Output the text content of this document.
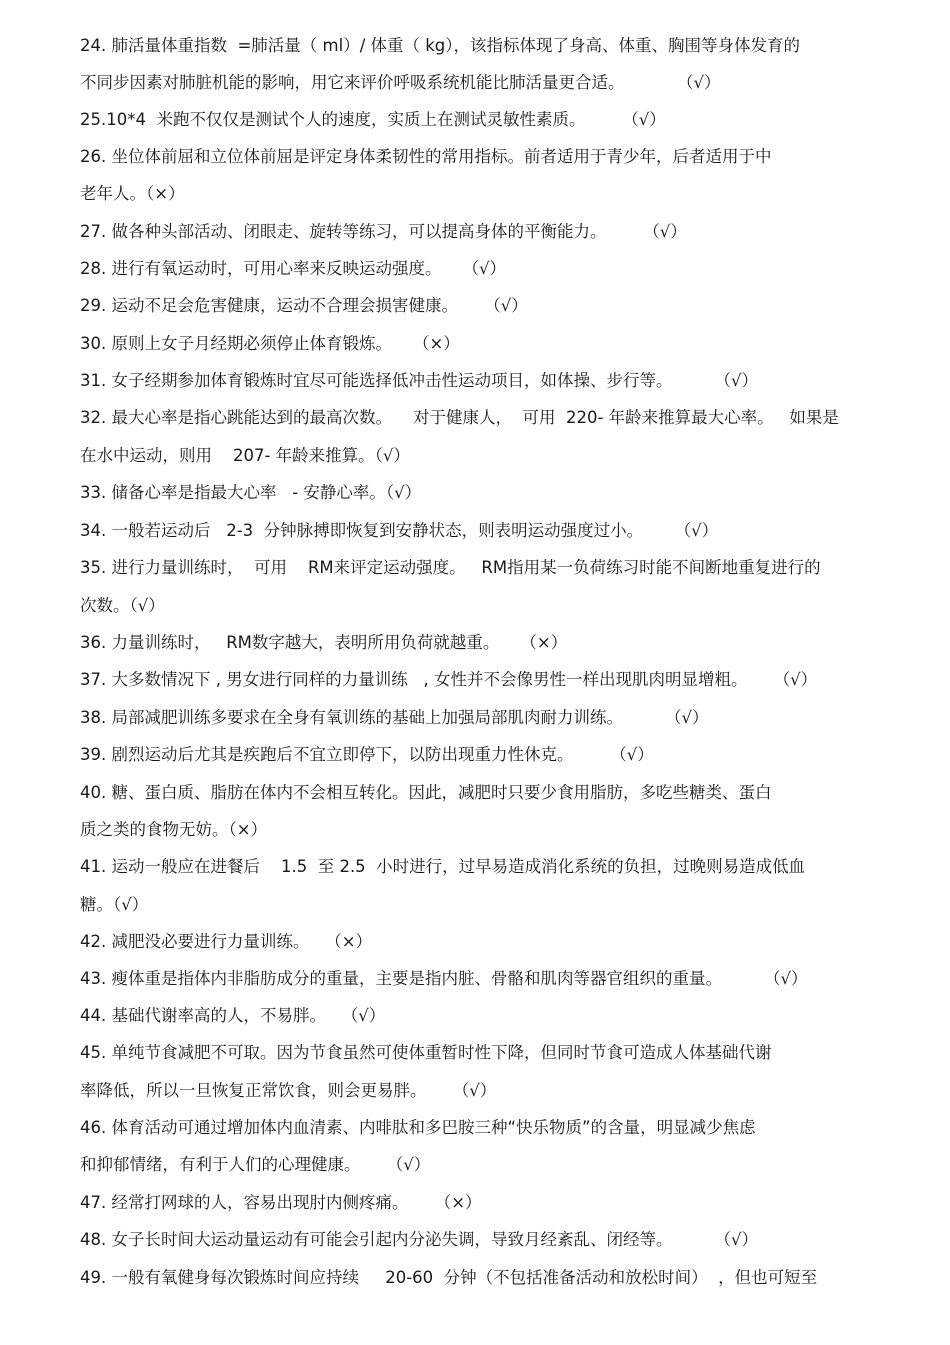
24. 肺活量体重指数  =肺活量（ ml）/ 体重（ kg），该指标体现了身高、体重、胸围等身体发育的
不同步因素对肺脏机能的影响，用它来评价呼吸系统机能比肺活量更合适。          （√）
25.10*4  米跑不仅仅是测试个人的速度，实质上在测试灵敏性素质。       （√）
26. 坐位体前屈和立位体前屈是评定身体柔韧性的常用指标。前者适用于青少年，后者适用于中
老年人。（×）
27. 做各种头部活动、闭眼走、旋转等练习，可以提高身体的平衡能力。       （√）
28. 进行有氧运动时，可用心率来反映运动强度。    （√）
29. 运动不足会危害健康，运动不合理会损害健康。     （√）
30. 原则上女子月经期必须停止体育锻炼。    （×）
31. 女子经期参加体育锻炼时宜尽可能选择低冲击性运动项目，如体操、步行等。        （√）
32. 最大心率是指心跳能达到的最高次数。    对于健康人，  可用  220- 年龄来推算最大心率。   如果是
在水中运动，则用    207- 年龄来推算。（√）
33. 储备心率是指最大心率   - 安静心率。（√）
34. 一般若运动后   2-3  分钟脉搏即恢复到安静状态，则表明运动强度过小。      （√）
35. 进行力量训练时，  可用    RM来评定运动强度。   RM指用某一负荷练习时能不间断地重复进行的
次数。（√）
36. 力量训练时，   RM数字越大，表明所用负荷就越重。    （×）
37. 大多数情况下 , 男女进行同样的力量训练   , 女性并不会像男性一样出现肌肉明显增粗。     （√）
38. 局部减肥训练多要求在全身有氧训练的基础上加强局部肌肉耐力训练。        （√）
39. 剧烈运动后尤其是疾跑后不宜立即停下，以防出现重力性休克。       （√）
40. 糖、蛋白质、脂肪在体内不会相互转化。因此，减肥时只要少食用脂肪，多吃些糖类、蛋白
质之类的食物无妨。（×）
41. 运动一般应在进餐后    1.5  至 2.5  小时进行，过早易造成消化系统的负担，过晚则易造成低血
糖。（√）
42. 减肥没必要进行力量训练。   （×）
43. 瘦体重是指体内非脂肪成分的重量，主要是指内脏、骨骼和肌肉等器官组织的重量。        （√）
44. 基础代谢率高的人，不易胖。   （√）
45. 单纯节食减肥不可取。因为节食虽然可使体重暂时性下降，但同时节食可造成人体基础代谢
率降低，所以一旦恢复正常饮食，则会更易胖。     （√）
46. 体育活动可通过增加体内血清素、内啡肽和多巴胺三种“快乐物质”的含量，明显减少焦虑
和抑郁情绪，有利于人们的心理健康。     （√）
47. 经常打网球的人，容易出现肘内侧疼痛。     （×）
48. 女子长时间大运动量运动有可能会引起内分泌失调，导致月经紊乱、闭经等。        （√）
49. 一般有氧健身每次锻炼时间应持续     20-60  分钟（不包括准备活动和放松时间）  ，但也可短至
